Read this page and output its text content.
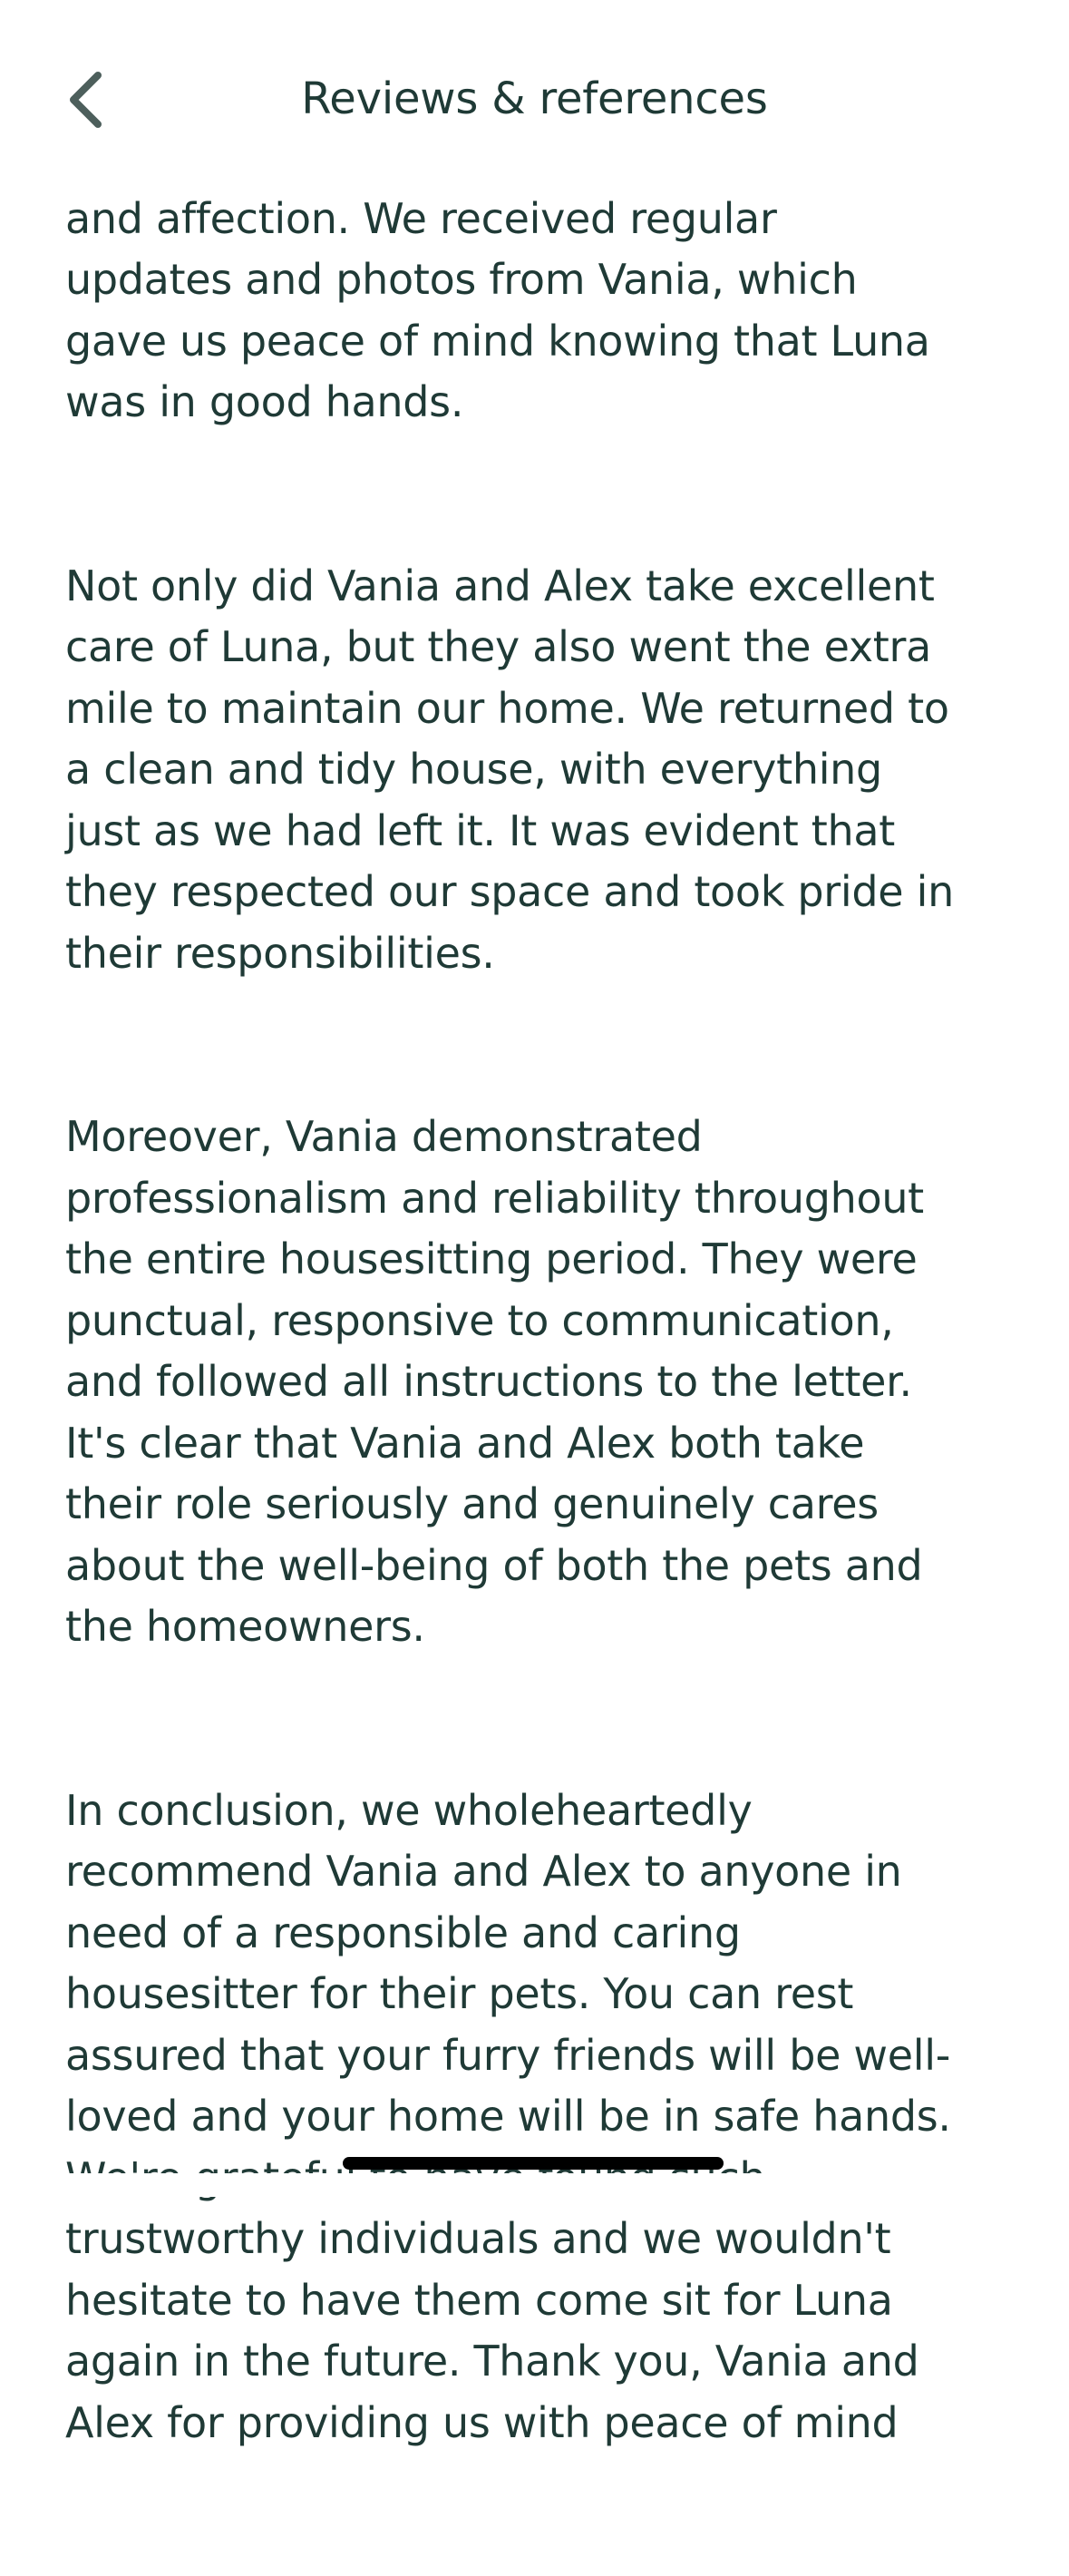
and affection. We received regular
updates and photos from Vania, which
gave us peace of mind knowing that Luna
was in good hands.

Not only did Vania and Alex take excellent
care of Luna, but they also went the extra
mile to maintain our home. We returned to
a clean and tidy house, with everything
just as we had left it. It was evident that
they respected our space and took pride in
their responsibilities.

Moreover, Vania demonstrated
professionalism and reliability throughout
the entire housesitting period. They were
punctual, responsive to communication,
and followed all instructions to the letter.
It's clear that Vania and Alex both take
their role seriously and genuinely cares
about the well-being of both the pets and
the homeowners.

In conclusion, we wholeheartedly
recommend Vania and Alex to anyone in
need of a responsible and caring
housesitter for their pets. You can rest
assured that your furry friends will be well-
loved and your home will be in safe hands.

trustworthy individuals and we wouldn't
hesitate to have them come sit for Luna
again in the future. Thank you, Vania and
Alex for providing us with peace of mind

Reviews & references
